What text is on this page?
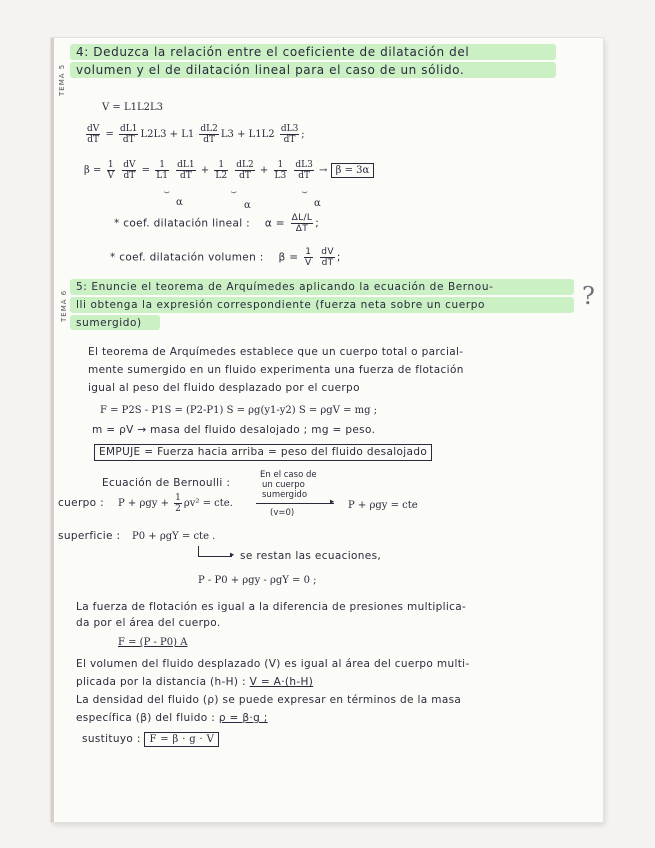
TEMA 5
TEMA 6
4: Deduzca la relación entre el coeficiente de dilatación del
volumen y el de dilatación lineal para el caso de un sólido.
V = L1L2L3
$\frac{dV}{dT} = \frac{dL1}{dT} L2L3 + L1 \frac{dL2}{dT} L3 + L1L2 \frac{dL3}{dT}$ ;
$\beta = \frac{1}{V}$
$\frac{dV}{dT} = \frac{1}{L1}$
$\frac{dL1}{dT} + \frac{1}{L2}$
$\frac{dL2}{dT} + \frac{1}{L3}$
$\frac{dL3}{dT} \to \beta = 3\alpha$
⏟	⏟	⏟
α	α	α
* coef. dilatación lineal : $\alpha = \frac{\Delta L/L}{\Delta T}$ ;
* coef. dilatación volumen : $\beta = \frac{1}{V}$
$\frac{dV}{dT}$ ;
5: Enuncie el teorema de Arquímedes aplicando la ecuación de Bernou-
lli obtenga la expresión correspondiente (fuerza neta sobre un cuerpo
sumergido)
?
El teorema de Arquímedes establece que un cuerpo total o parcial-
mente sumergido en un fluido experimenta una fuerza de flotación
igual al peso del fluido desplazado por el cuerpo
F = P2S - P1S = (P2-P1) S = ρg(y1-y2) S = ρgV = mg ;
m = ρV → masa del fluido desalojado ; mg = peso.
EMPUJE = Fuerza hacia arriba = peso del fluido desalojado
Ecuación de Bernoulli :
En el caso de
un cuerpo
sumergido
▸
(v=0)
cuerpo : $P + \rho gy + \frac{1}{2} \rho v^2$ = cte.	P + ρgy = cte
superficie : P0 + ρgY = cte .
▸ se restan las ecuaciones,
P - P0 + ρgy - ρgY = 0 ;
La fuerza de flotación es igual a la diferencia de presiones multiplica-
da por el área del cuerpo.
F = (P - P0) A
El volumen del fluido desplazado (V) es igual al área del cuerpo multi-
plicada por la distancia (h-H) : V = A·(h-H)
La densidad del fluido (ρ) se puede expresar en términos de la masa
específica (β) del fluido : ρ = β·g ;
sustituyo : F = β · g · V
